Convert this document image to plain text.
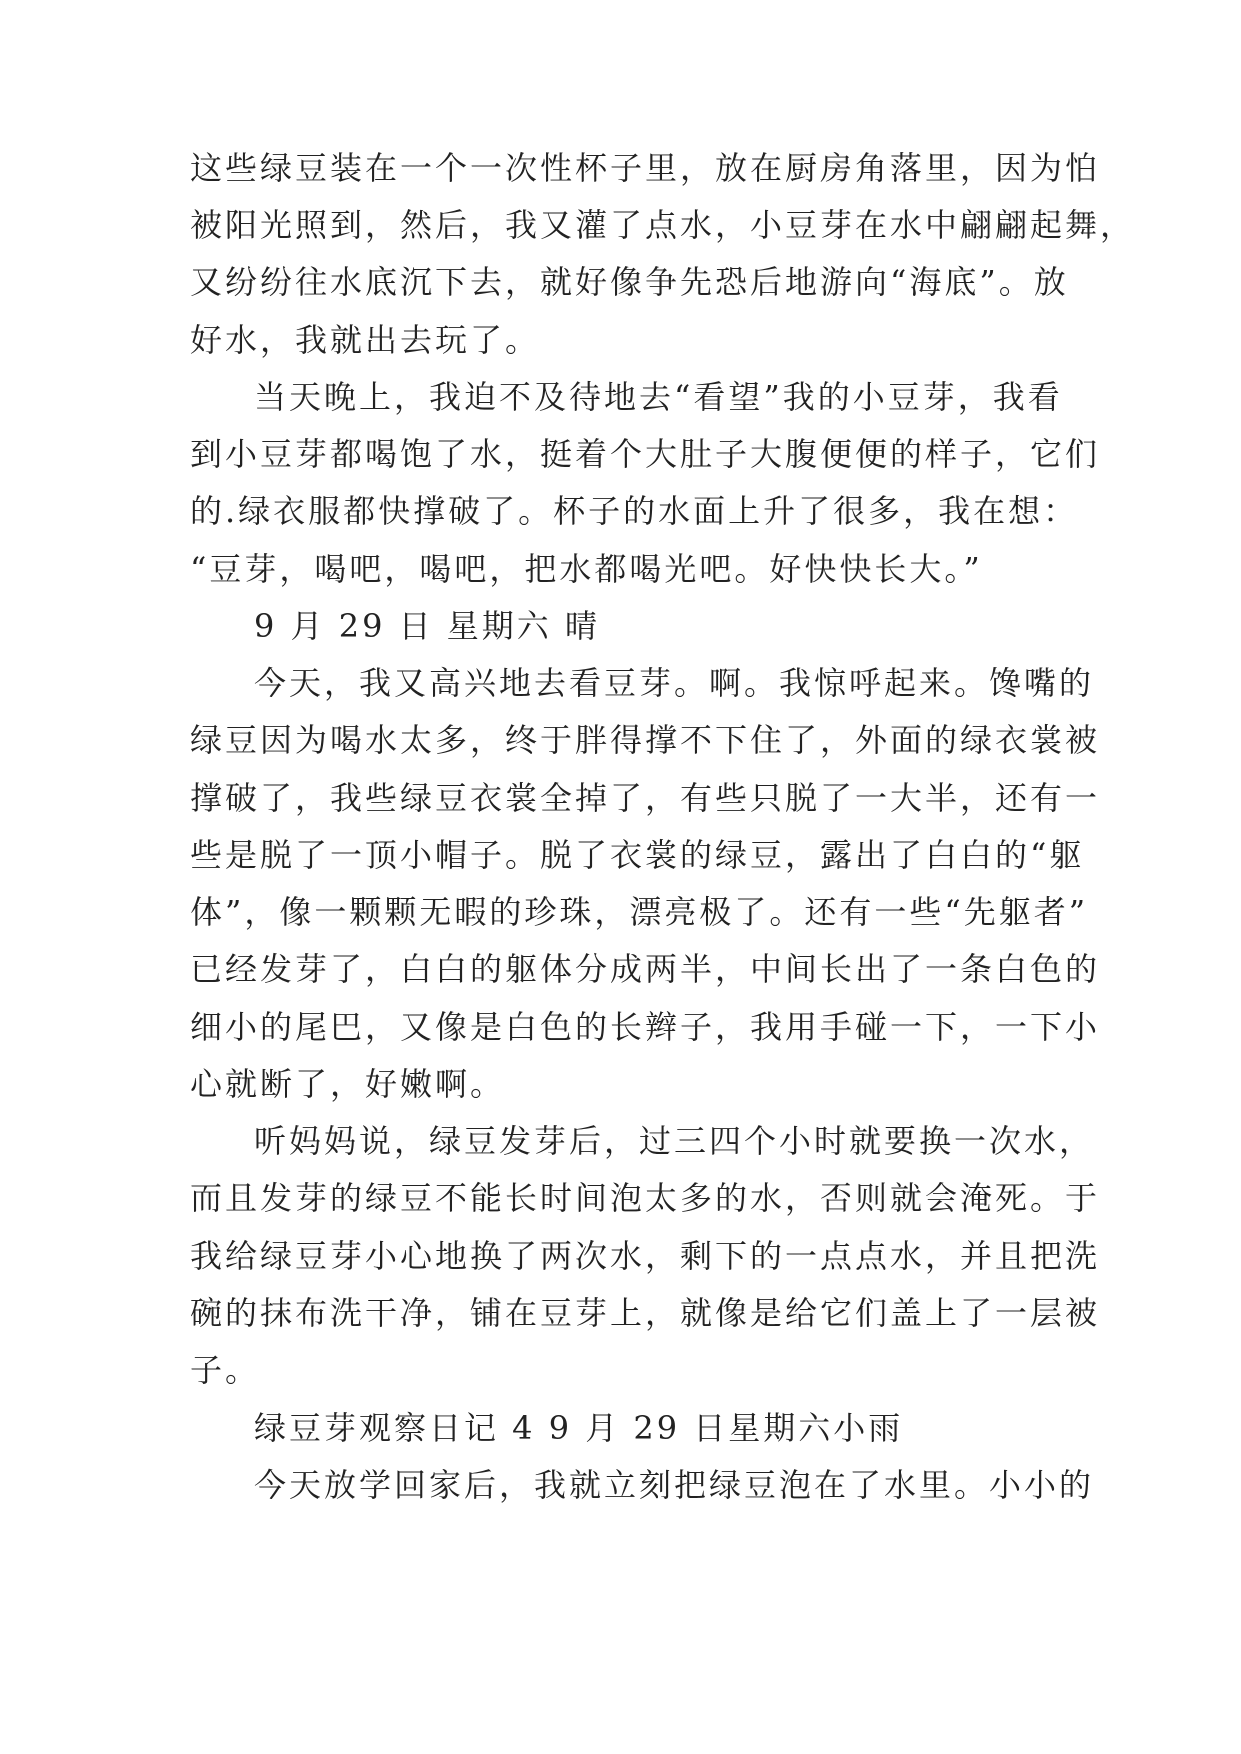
这些绿豆装在一个一次性杯子里，放在厨房角落里，因为怕
被阳光照到，然后，我又灌了点水，小豆芽在水中翩翩起舞，
又纷纷往水底沉下去，就好像争先恐后地游向“海底”。放
好水，我就出去玩了。
当天晚上，我迫不及待地去“看望”我的小豆芽，我看
到小豆芽都喝饱了水，挺着个大肚子大腹便便的样子，它们
的.绿衣服都快撑破了。杯子的水面上升了很多，我在想：
“豆芽，喝吧，喝吧，把水都喝光吧。好快快长大。”
9 月 29 日 星期六 晴
今天，我又高兴地去看豆芽。啊。我惊呼起来。馋嘴的
绿豆因为喝水太多，终于胖得撑不下住了，外面的绿衣裳被
撑破了，我些绿豆衣裳全掉了，有些只脱了一大半，还有一
些是脱了一顶小帽子。脱了衣裳的绿豆，露出了白白的“躯
体”，像一颗颗无暇的珍珠，漂亮极了。还有一些“先躯者”
已经发芽了，白白的躯体分成两半，中间长出了一条白色的
细小的尾巴，又像是白色的长辫子，我用手碰一下，一下小
心就断了，好嫩啊。
听妈妈说，绿豆发芽后，过三四个小时就要换一次水，
而且发芽的绿豆不能长时间泡太多的水，否则就会淹死。于
我给绿豆芽小心地换了两次水，剩下的一点点水，并且把洗
碗的抹布洗干净，铺在豆芽上，就像是给它们盖上了一层被
子。
绿豆芽观察日记 4 9 月 29 日星期六小雨
今天放学回家后，我就立刻把绿豆泡在了水里。小小的
